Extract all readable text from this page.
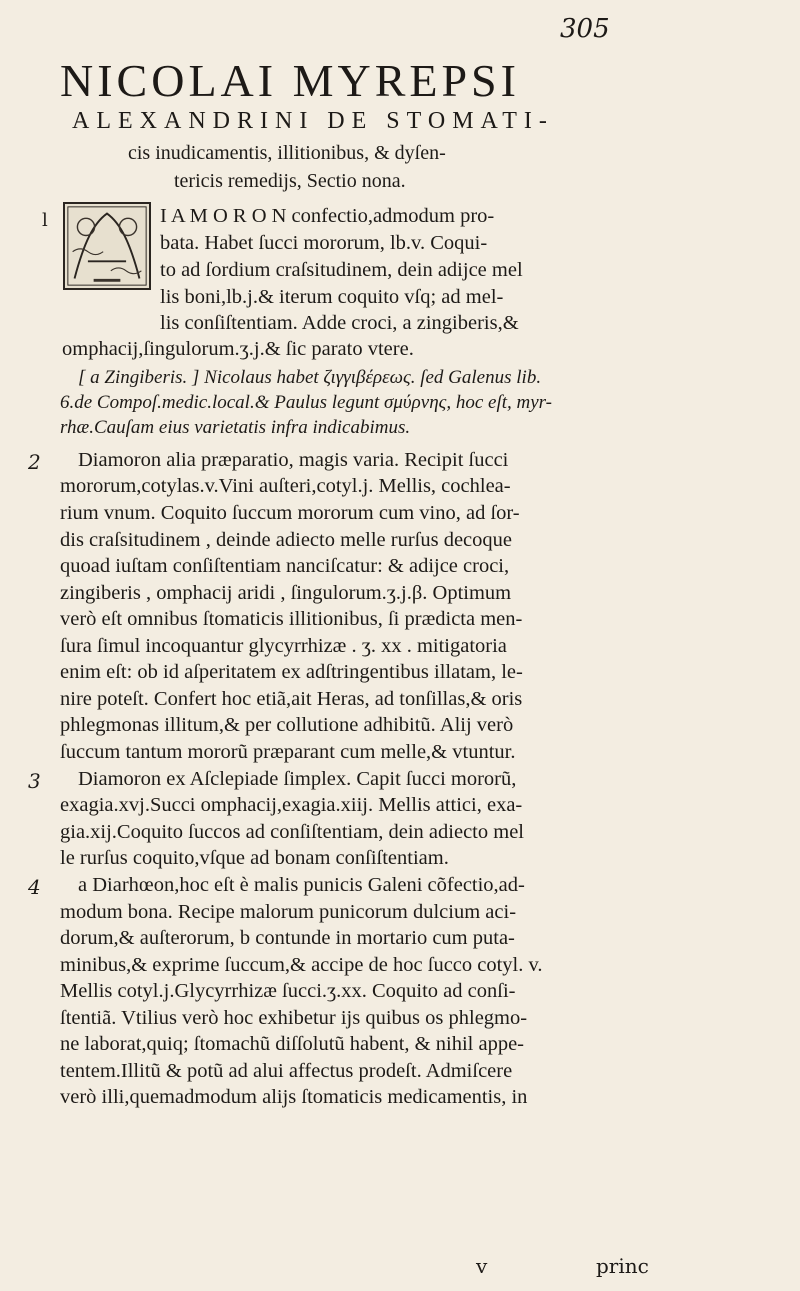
305
NICOLAI MYREPSI
ALEXANDRINI DE STOMATI-
cis inudicamentis, illitionibus, & dyſen-
tericis remedijs, Sectio nona.
l	I A M O R O N confectio,admodum pro-
bata. Habet ſucci mororum, lb.v. Coqui-
to ad ſordium craſsitudinem, dein adijce mel
lis boni,lb.j.& iterum coquito vſq; ad mel-
lis conſiſtentiam. Adde croci, a zingiberis,&
omphacij,ſingulorum.ʒ.j.& ſic parato vtere.
[ a Zingiberis. ] Nicolaus habet ζιγγιβέρεως. ſed Galenus lib.
6.de Compoſ.medic.local.& Paulus legunt σμύρνης, hoc eſt, myr-
rhæ.Cauſam eius varietatis infra indicabimus.
2 Diamoron alia præparatio, magis varia. Recipit ſucci
mororum,cotylas.v.Vini auſteri,cotyl.j. Mellis, cochlea-
rium vnum. Coquito ſuccum mororum cum vino, ad ſor-
dis craſsitudinem , deinde adiecto melle rurſus decoque
quoad iuſtam conſiſtentiam nanciſcatur: & adijce croci,
zingiberis , omphacij aridi , ſingulorum.ʒ.j.β. Optimum
verò eſt omnibus ſtomaticis illitionibus, ſi prædicta men-
ſura ſimul incoquantur glycyrrhizæ . ʒ. xx . mitigatoria
enim eſt: ob id aſperitatem ex adſtringentibus illatam, le-
nire poteſt. Confert hoc etiã,ait Heras, ad tonſillas,& oris
phlegmonas illitum,& per collutione adhibitũ. Alij verò
ſuccum tantum mororũ præparant cum melle,& vtuntur.
3 Diamoron ex Aſclepiade ſimplex. Capit ſucci mororũ,
exagia.xvj.Succi omphacij,exagia.xiij. Mellis attici, exa-
gia.xij.Coquito ſuccos ad conſiſtentiam, dein adiecto mel
le rurſus coquito,vſque ad bonam conſiſtentiam.
4 a Diarhœon,hoc eſt è malis punicis Galeni cõfectio,ad-
modum bona. Recipe malorum punicorum dulcium aci-
dorum,& auſterorum, b contunde in mortario cum puta-
minibus,& exprime ſuccum,& accipe de hoc ſucco cotyl. v.
Mellis cotyl.j.Glycyrrhizæ ſucci.ʒ.xx. Coquito ad conſi-
ſtentiã. Vtilius verò hoc exhibetur ijs quibus os phlegmo-
ne laborat,quiq; ſtomachũ diſſolutũ habent, & nihil appe-
tentem.Illitũ & potũ ad alui affectus prodeſt. Admiſcere
verò illi,quemadmodum alijs ſtomaticis medicamentis, in
v	princ
